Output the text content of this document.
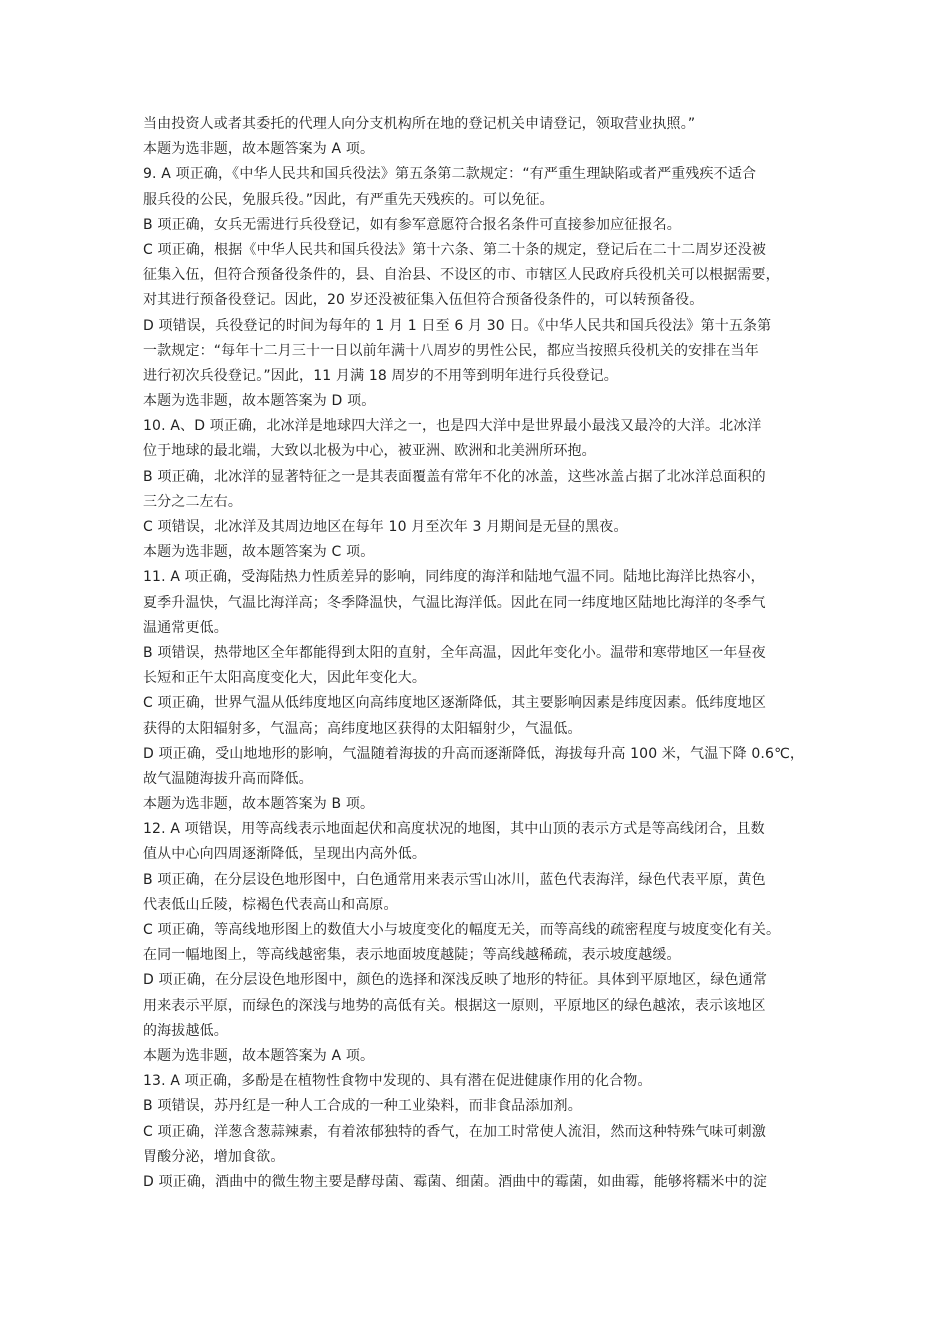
当由投资人或者其委托的代理人向分支机构所在地的登记机关申请登记，领取营业执照。”
本题为选非题，故本题答案为 A 项。
9. A 项正确，《中华人民共和国兵役法》第五条第二款规定：“有严重生理缺陷或者严重残疾不适合
服兵役的公民，免服兵役。”因此，有严重先天残疾的。可以免征。
B 项正确，女兵无需进行兵役登记，如有参军意愿符合报名条件可直接参加应征报名。
C 项正确，根据《中华人民共和国兵役法》第十六条、第二十条的规定，登记后在二十二周岁还没被
征集入伍，但符合预备役条件的，县、自治县、不设区的市、市辖区人民政府兵役机关可以根据需要，
对其进行预备役登记。因此，20 岁还没被征集入伍但符合预备役条件的，可以转预备役。
D 项错误，兵役登记的时间为每年的 1 月 1 日至 6 月 30 日。《中华人民共和国兵役法》第十五条第
一款规定：“每年十二月三十一日以前年满十八周岁的男性公民，都应当按照兵役机关的安排在当年
进行初次兵役登记。”因此，11 月满 18 周岁的不用等到明年进行兵役登记。
本题为选非题，故本题答案为 D 项。
10. A、D 项正确，北冰洋是地球四大洋之一，也是四大洋中是世界最小最浅又最冷的大洋。北冰洋
位于地球的最北端，大致以北极为中心，被亚洲、欧洲和北美洲所环抱。
B 项正确，北冰洋的显著特征之一是其表面覆盖有常年不化的冰盖，这些冰盖占据了北冰洋总面积的
三分之二左右。
C 项错误，北冰洋及其周边地区在每年 10 月至次年 3 月期间是无昼的黑夜。
本题为选非题，故本题答案为 C 项。
11. A 项正确，受海陆热力性质差异的影响，同纬度的海洋和陆地气温不同。陆地比海洋比热容小，
夏季升温快，气温比海洋高；冬季降温快，气温比海洋低。因此在同一纬度地区陆地比海洋的冬季气
温通常更低。
B 项错误，热带地区全年都能得到太阳的直射，全年高温，因此年变化小。温带和寒带地区一年昼夜
长短和正午太阳高度变化大，因此年变化大。
C 项正确，世界气温从低纬度地区向高纬度地区逐渐降低，其主要影响因素是纬度因素。低纬度地区
获得的太阳辐射多，气温高；高纬度地区获得的太阳辐射少，气温低。
D 项正确，受山地地形的影响，气温随着海拔的升高而逐渐降低，海拔每升高 100 米，气温下降 0.6℃，
故气温随海拔升高而降低。
本题为选非题，故本题答案为 B 项。
12. A 项错误，用等高线表示地面起伏和高度状况的地图，其中山顶的表示方式是等高线闭合，且数
值从中心向四周逐渐降低，呈现出内高外低。
B 项正确，在分层设色地形图中，白色通常用来表示雪山冰川，蓝色代表海洋，绿色代表平原，黄色
代表低山丘陵，棕褐色代表高山和高原。
C 项正确，等高线地形图上的数值大小与坡度变化的幅度无关，而等高线的疏密程度与坡度变化有关。
在同一幅地图上，等高线越密集，表示地面坡度越陡；等高线越稀疏，表示坡度越缓。
D 项正确，在分层设色地形图中，颜色的选择和深浅反映了地形的特征。具体到平原地区，绿色通常
用来表示平原，而绿色的深浅与地势的高低有关。根据这一原则，平原地区的绿色越浓，表示该地区
的海拔越低。
本题为选非题，故本题答案为 A 项。
13. A 项正确，多酚是在植物性食物中发现的、具有潜在促进健康作用的化合物。
B 项错误，苏丹红是一种人工合成的一种工业染料，而非食品添加剂。
C 项正确，洋葱含葱蒜辣素，有着浓郁独特的香气，在加工时常使人流泪，然而这种特殊气味可刺激
胃酸分泌，增加食欲。
D 项正确，酒曲中的微生物主要是酵母菌、霉菌、细菌。酒曲中的霉菌，如曲霉，能够将糯米中的淀
